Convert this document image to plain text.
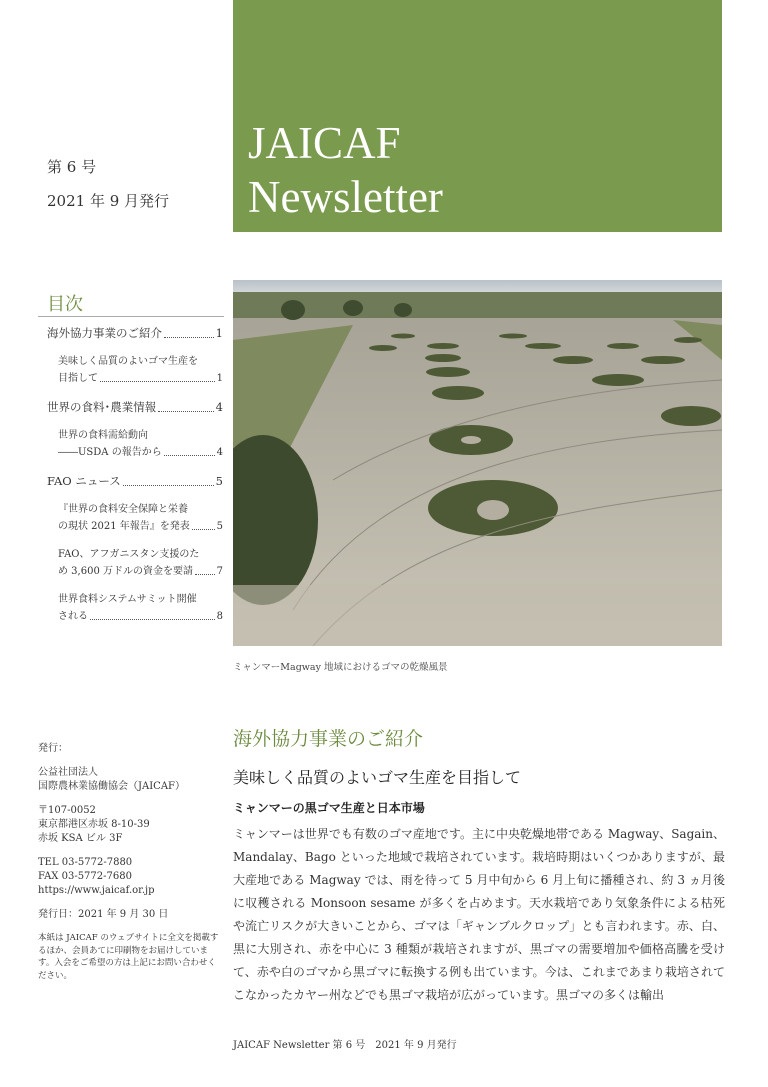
JAICAF
Newsletter
第 6 号
2021 年 9 月発行
目次
海外協力事業のご紹介	1
美味しく品質のよいゴマ生産を
目指して	1
世界の食料･農業情報	4
世界の食料需給動向
――USDA の報告から	4
FAO ニュース	5
『世界の食料安全保障と栄養
の現状 2021 年報告』を発表	5
FAO、アフガニスタン支援のた
め 3,600 万ドルの資金を要請 7
世界食料システムサミット開催
される	8
ミャンマーMagway 地域におけるゴマの乾燥風景

発行：

公益社団法人
国際農林業協働協会（JAICAF）

〒107-0052
東京都港区赤坂 8-10-39
赤坂 KSA ビル 3F

TEL 03-5772-7880
FAX 03-5772-7680
https://www.jaicaf.or.jp

発行日：2021 年 9 月 30 日

本紙は JAICAF のウェブサイトに全文を掲載するほか、会員あてに印刷物をお届けしています。入会をご希望の方は上記にお問い合わせください。

海外協力事業のご紹介
美味しく品質のよいゴマ生産を目指して
ミャンマーの黒ゴマ生産と日本市場
ミャンマーは世界でも有数のゴマ産地です。主に中央乾燥地帯である Magway、Sagain、Mandalay、Bago といった地域で栽培されています。栽培時期はいくつかありますが、最大産地である Magway では、雨を待って 5 月中旬から 6 月上旬に播種され、約 3 ヵ月後に収穫される Monsoon sesame が多くを占めます。天水栽培であり気象条件による枯死や流亡リスクが大きいことから、ゴマは「ギャンブルクロップ」とも言われます。赤、白、黒に大別され、赤を中心に 3 種類が栽培されますが、黒ゴマの需要増加や価格高騰を受けて、赤や白のゴマから黒ゴマに転換する例も出ています。今は、これまであまり栽培されてこなかったカヤー州などでも黒ゴマ栽培が広がっています。黒ゴマの多くは輸出
JAICAF Newsletter 第 6 号　2021 年 9 月発行
